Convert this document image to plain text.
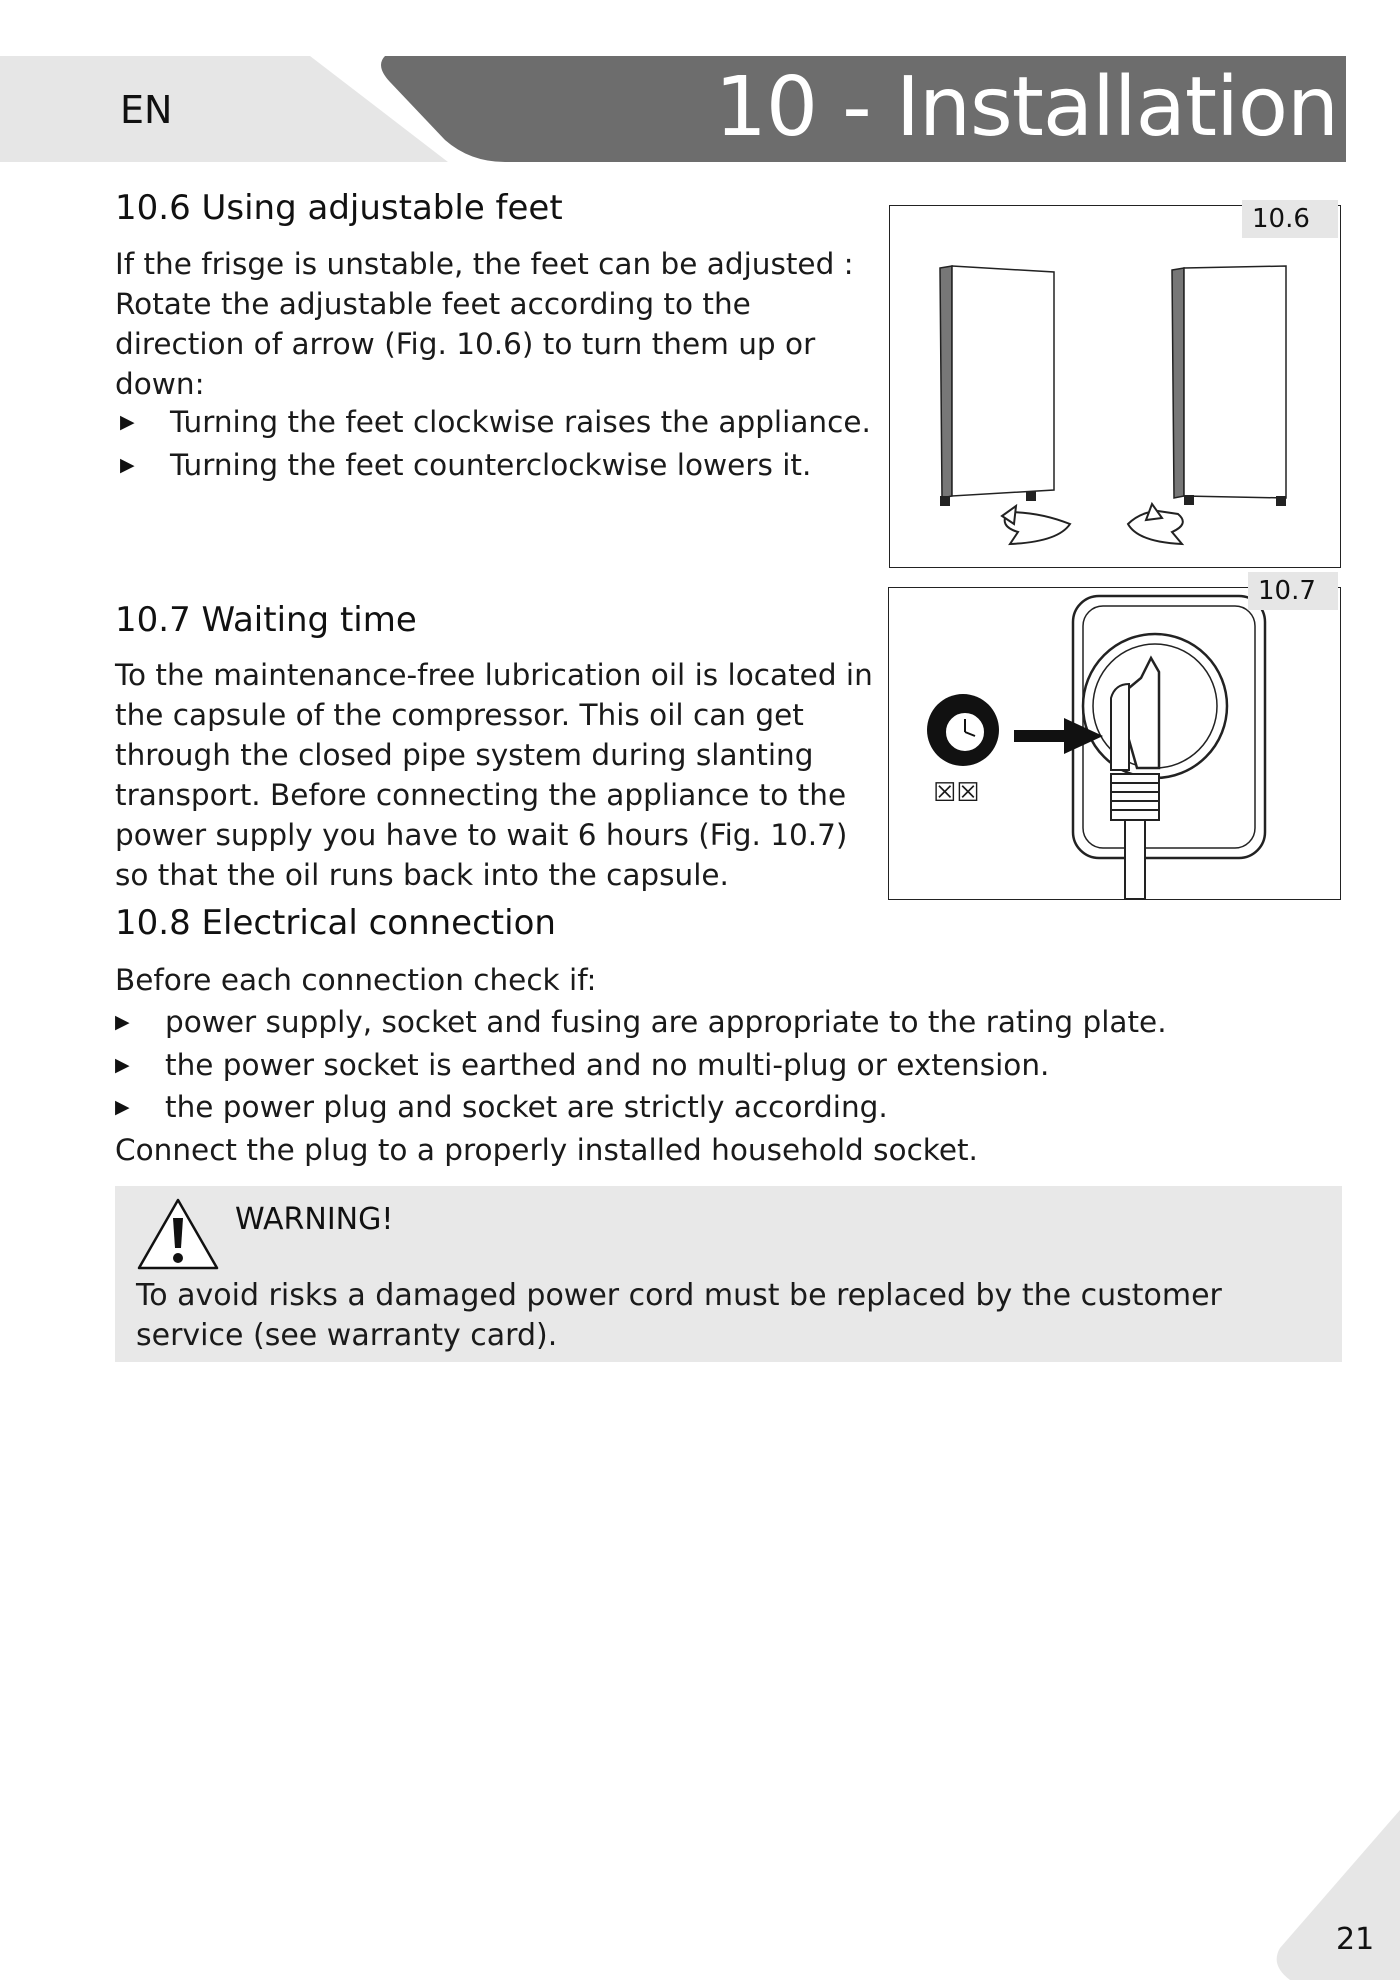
EN	10 - Installation
10.6 Using adjustable feet

If the frisge is unstable, the feet can be adjusted :

Rotate the adjustable feet according to the

direction of arrow (Fig. 10.6) to turn them up or

down:

▶ Turning the feet clockwise raises the appliance.
▶ Turning the feet counterclockwise lowers it.
10.6
10.7 Waiting time

To the maintenance-free lubrication oil is located in

the capsule of the compressor. This oil can get

through the closed pipe system during slanting

transport. Before connecting the appliance to the

power supply you have to wait 6 hours (Fig. 10.7)

so that the oil runs back into the capsule.

☒☒
10.7
10.8 Electrical connection
Before each connection check if:
▶ power supply, socket and fusing are appropriate to the rating plate.
▶ the power socket is earthed and no multi-plug or extension.
▶ the power plug and socket are strictly according.
Connect the plug to a properly installed household socket.
WARNING!
To avoid risks a damaged power cord must be replaced by the customer
service (see warranty card).
21
